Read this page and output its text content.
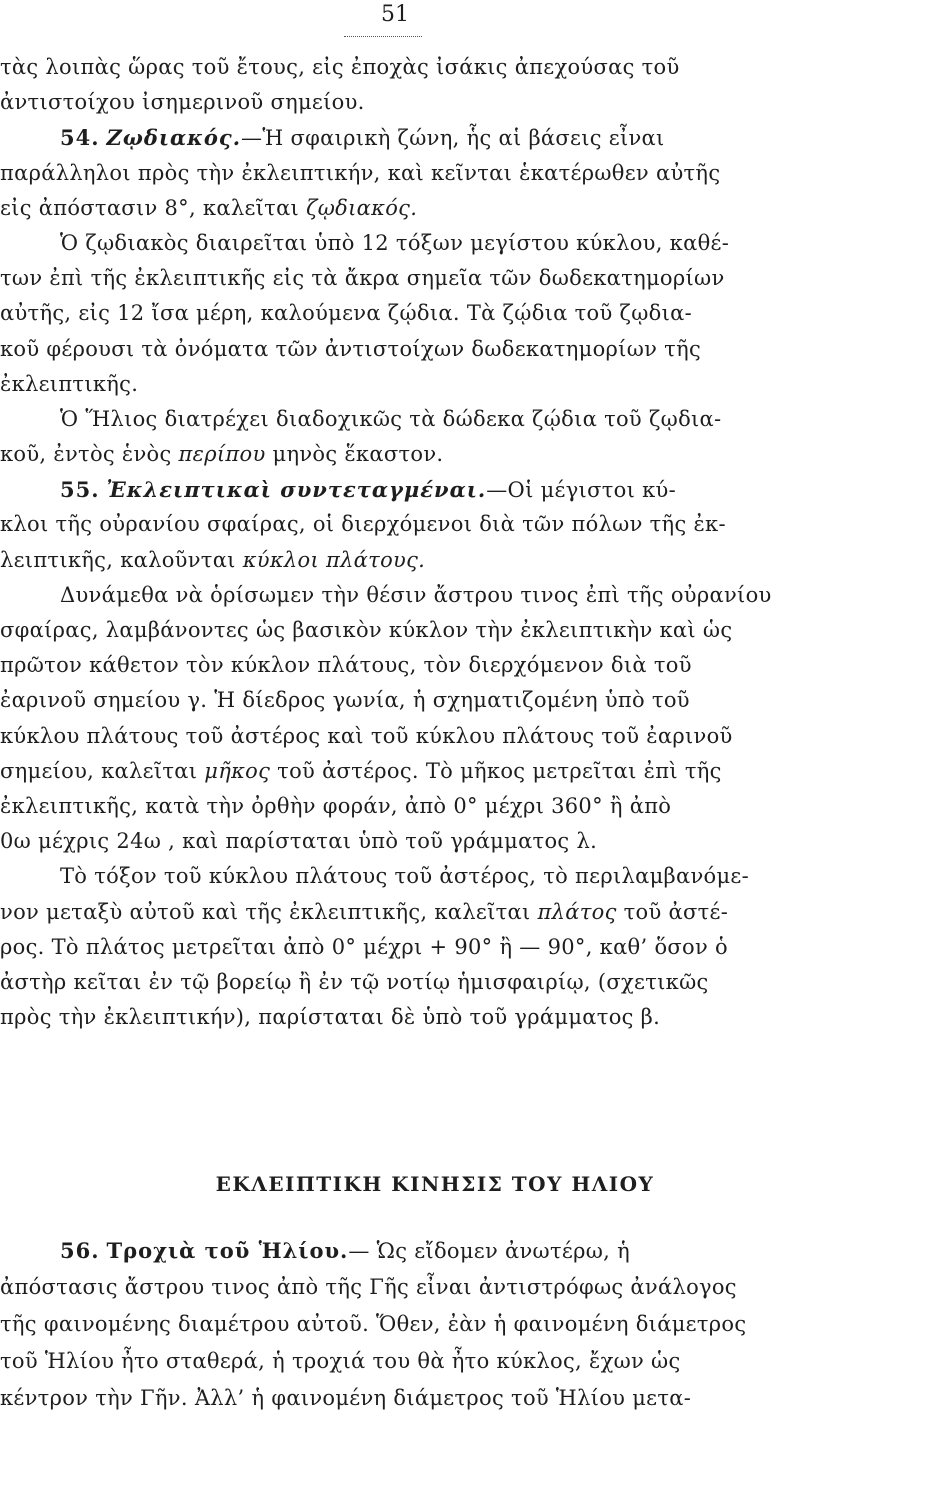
51
τὰς λοιπὰς ὥρας τοῦ ἔτους, εἰς ἐποχὰς ἰσάκις ἀπεχούσας τοῦ
ἀντιστοίχου ἰσημερινοῦ σημείου.
54. Ζῳδιακός.—Ἡ σφαιρικὴ ζώνη, ἧς αἱ βάσεις εἶναι
παράλληλοι πρὸς τὴν ἐκλειπτικήν, καὶ κεῖνται ἑκατέρωθεν αὐτῆς
εἰς ἀπόστασιν 8°, καλεῖται ζῳδιακός.
Ὁ ζῳδιακὸς διαιρεῖται ὑπὸ 12 τόξων μεγίστου κύκλου, καθέ-
των ἐπὶ τῆς ἐκλειπτικῆς εἰς τὰ ἄκρα σημεῖα τῶν δωδεκατημορίων
αὐτῆς, εἰς 12 ἴσα μέρη, καλούμενα ζῴδια. Τὰ ζῴδια τοῦ ζῳδια-
κοῦ φέρουσι τὰ ὀνόματα τῶν ἀντιστοίχων δωδεκατημορίων τῆς
ἐκλειπτικῆς.
Ὁ Ἥλιος διατρέχει διαδοχικῶς τὰ δώδεκα ζῴδια τοῦ ζῳδια-
κοῦ, ἐντὸς ἑνὸς περίπου μηνὸς ἕκαστον.
55. Ἐκλειπτικαὶ συντεταγμέναι.—Οἱ μέγιστοι κύ-
κλοι τῆς οὐρανίου σφαίρας, οἱ διερχόμενοι διὰ τῶν πόλων τῆς ἐκ-
λειπτικῆς, καλοῦνται κύκλοι πλάτους.
Δυνάμεθα νὰ ὁρίσωμεν τὴν θέσιν ἄστρου τινος ἐπὶ τῆς οὐρανίου
σφαίρας, λαμβάνοντες ὡς βασικὸν κύκλον τὴν ἐκλειπτικὴν καὶ ὡς
πρῶτον κάθετον τὸν κύκλον πλάτους, τὸν διερχόμενον διὰ τοῦ
ἐαρινοῦ σημείου γ. Ἡ δίεδρος γωνία, ἡ σχηματιζομένη ὑπὸ τοῦ
κύκλου πλάτους τοῦ ἀστέρος καὶ τοῦ κύκλου πλάτους τοῦ ἐαρινοῦ
σημείου, καλεῖται μῆκος τοῦ ἀστέρος. Τὸ μῆκος μετρεῖται ἐπὶ τῆς
ἐκλειπτικῆς, κατὰ τὴν ὀρθὴν φοράν, ἀπὸ 0° μέχρι 360° ἢ ἀπὸ
0ω μέχρις 24ω , καὶ παρίσταται ὑπὸ τοῦ γράμματος λ.
Τὸ τόξον τοῦ κύκλου πλάτους τοῦ ἀστέρος, τὸ περιλαμβανόμε-
νον μεταξὺ αὐτοῦ καὶ τῆς ἐκλειπτικῆς, καλεῖται πλάτος τοῦ ἀστέ-
ρος. Τὸ πλάτος μετρεῖται ἀπὸ 0° μέχρι + 90° ἢ — 90°, καθ’ ὅσον ὁ
ἀστὴρ κεῖται ἐν τῷ βορείῳ ἢ ἐν τῷ νοτίῳ ἡμισφαιρίῳ, (σχετικῶς
πρὸς τὴν ἐκλειπτικήν), παρίσταται δὲ ὑπὸ τοῦ γράμματος β.
ΕΚΛΕΙΠΤΙΚΗ ΚΙΝΗΣΙΣ ΤΟΥ ΗΛΙΟΥ
56. Τροχιὰ τοῦ Ἡλίου.— Ὡς εἴδομεν ἀνωτέρω, ἡ
ἀπόστασις ἄστρου τινος ἀπὸ τῆς Γῆς εἶναι ἀντιστρόφως ἀνάλογος
τῆς φαινομένης διαμέτρου αὐτοῦ. Ὅθεν, ἐὰν ἡ φαινομένη διάμετρος
τοῦ Ἡλίου ἦτο σταθερά, ἡ τροχιά του θὰ ἦτο κύκλος, ἔχων ὡς
κέντρον τὴν Γῆν. Ἀλλ’ ἡ φαινομένη διάμετρος τοῦ Ἡλίου μετα-
